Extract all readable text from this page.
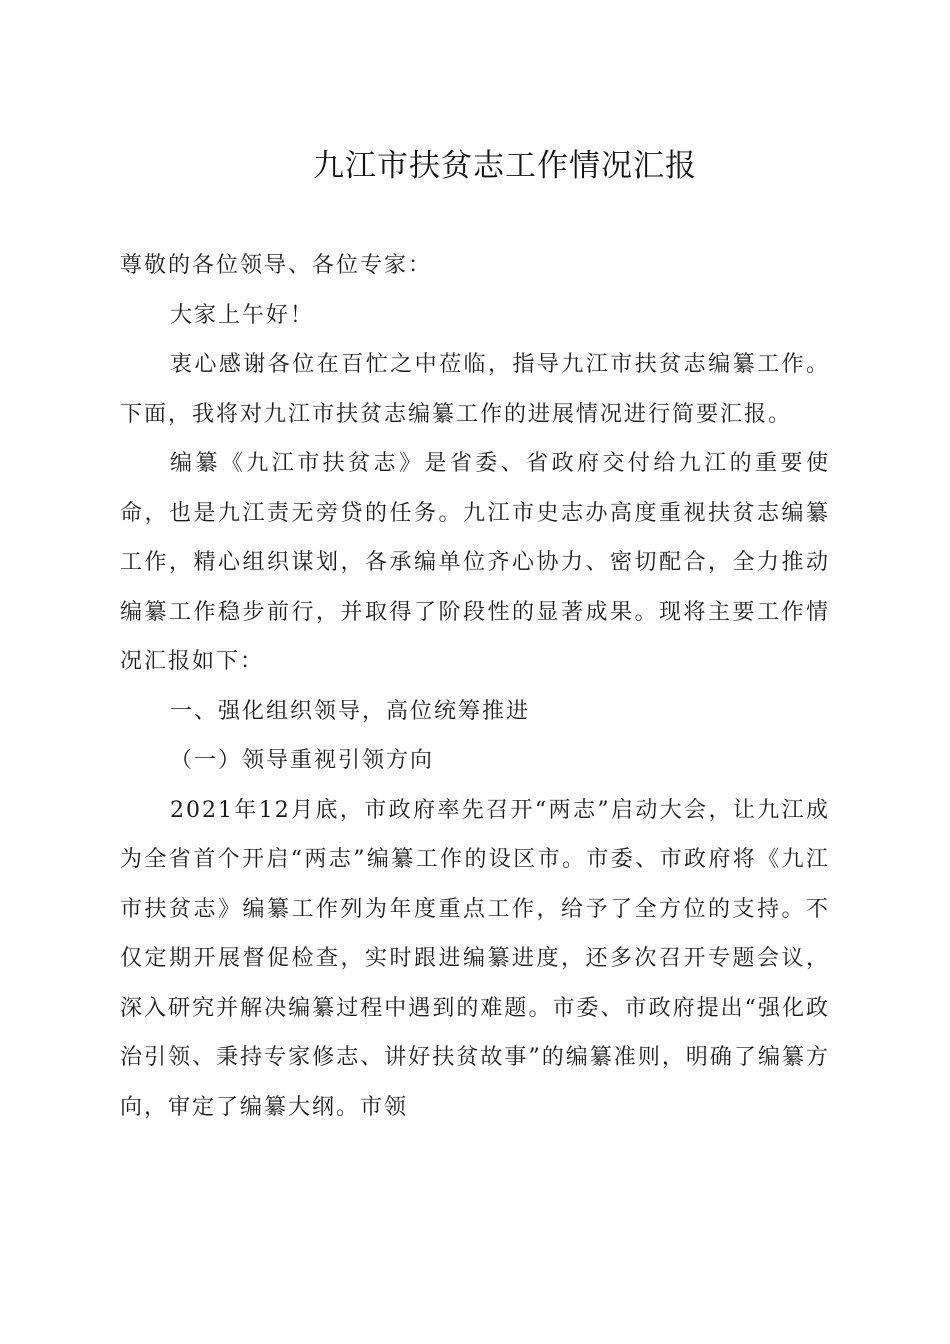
九江市扶贫志工作情况汇报

尊敬的各位领导、各位专家：

大家上午好！

衷心感谢各位在百忙之中莅临，指导九江市扶贫志编纂工作。下面，我将对九江市扶贫志编纂工作的进展情况进行简要汇报。

编纂《九江市扶贫志》是省委、省政府交付给九江的重要使命，也是九江责无旁贷的任务。九江市史志办高度重视扶贫志编纂工作，精心组织谋划，各承编单位齐心协力、密切配合，全力推动编纂工作稳步前行，并取得了阶段性的显著成果。现将主要工作情况汇报如下：

一、强化组织领导，高位统筹推进

（一）领导重视引领方向

2021年12月底，市政府率先召开“两志”启动大会，让九江成为全省首个开启“两志”编纂工作的设区市。市委、市政府将《九江市扶贫志》编纂工作列为年度重点工作，给予了全方位的支持。不仅定期开展督促检查，实时跟进编纂进度，还多次召开专题会议，深入研究并解决编纂过程中遇到的难题。市委、市政府提出“强化政治引领、秉持专家修志、讲好扶贫故事”的编纂准则，明确了编纂方向，审定了编纂大纲。市领
